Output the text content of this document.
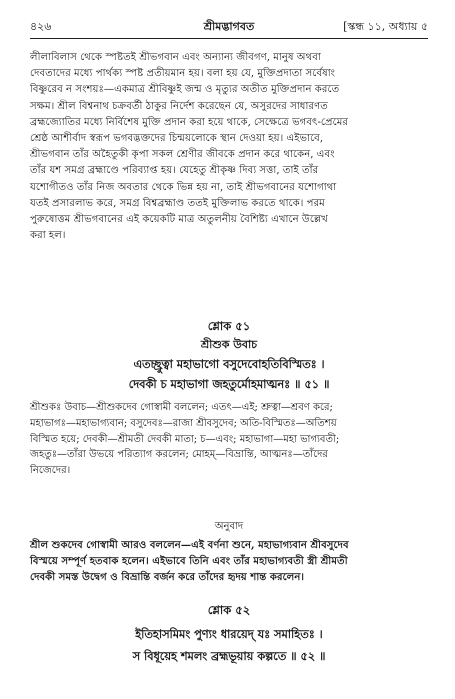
৪২৬	শ্রীমদ্ভাগবত	[স্কন্ধ ১১, অধ্যায় ৫
লীলাবিলাস থেকে স্পষ্টতই শ্রীভগবান এবং অন্যান্য জীবগণ, মানুষ অথবা
দেবতাদের মধ্যে পার্থক্য স্পষ্ট প্রতীয়মান হয়। বলা হয় যে, মুক্তিপ্রদাতা সর্বেষাং
বিষ্ণুরেব ন সংশয়ঃ—একমাত্র শ্রীবিষ্ণুই জন্ম ও মৃত্যুর অতীত মুক্তিপ্রদান করতে
সক্ষম। শ্রীল বিশ্বনাথ চক্রবর্তী ঠাকুর নির্দেশ করেছেন যে, অসুরদের সাধারণত
ব্রহ্মজ্যোতির মধ্যে নির্বিশেষ মুক্তি প্রদান করা হয়ে থাকে, সেক্ষেত্রে ভগবৎ-প্রেমের
শ্রেষ্ঠ আশীর্বাদ স্বরূপ ভগবদ্ভক্তদের চিন্ময়লোকে স্থান দেওয়া হয়। এইভাবে,
শ্রীভগবান তাঁর অহৈতুকী কৃপা সকল শ্রেণীর জীবকে প্রদান করে থাকেন, এবং
তাঁর যশ সমগ্র ব্রহ্মাণ্ডে পরিব্যাপ্ত হয়। যেহেতু শ্রীকৃষ্ণ দিব্য সত্তা, তাই তাঁর
যশোগীতও তাঁর নিজ অবতার থেকে ভিন্ন হয় না, তাই শ্রীভগবানের যশোগাথা
যতই প্রসারলাভ করে, সমগ্র বিশ্বব্রহ্মাণ্ড ততই মুক্তিলাভ করতে থাকে। পরম
পুরুষোত্তম শ্রীভগবানের এই কয়েকটি মাত্র অতুলনীয় বৈশিষ্ট্য এখানে উল্লেখ
করা হল।
শ্লোক ৫১
শ্রীশুক উবাচ
এতচ্ছ্রুত্বা মহাভাগো বসুদেবোহতিবিস্মিতঃ ।
দেবকী চ মহাভাগা জহতুর্মোহমাত্মনঃ ॥ ৫১ ॥
শ্রীশুকঃ উবাচ—শ্রীশুকদেব গোস্বামী বললেন; এতৎ—এই; শ্রুত্বা—শ্রবণ করে;
মহাভাগঃ—মহাভাগ্যবান; বসুদেবঃ—রাজা শ্রীবসুদেব; অতি-বিস্মিতঃ—অতিশয়
বিস্মিত হয়ে; দেবকী—শ্রীমতী দেবকী মাতা; চ—এবং; মহাভাগা—মহা ভাগ্যবতী;
জহতুঃ—তাঁরা উভয়ে পরিত্যাগ করলেন; মোহম্—বিভ্রান্তি, আত্মনঃ—তাঁদের
নিজেদের।
অনুবাদ
শ্রীল শুকদেব গোস্বামী আরও বললেন—এই বর্ণনা শুনে, মহাভাগ্যবান শ্রীবসুদেব
বিস্ময়ে সম্পূর্ণ হতবাক হলেন। এইভাবে তিনি এবং তাঁর মহাভাগ্যবতী স্ত্রী শ্রীমতী
দেবকী সমস্ত উদ্বেগ ও বিভ্রান্তি বর্জন করে তাঁদের হৃদয় শান্ত করলেন।
শ্লোক ৫২
ইতিহাসমিমং পুণ্যং ধারয়েদ্ যঃ সমাহিতঃ ।
স বিধূয়েহ শমলং ব্রহ্মভূয়ায় কল্পতে ॥ ৫২ ॥
